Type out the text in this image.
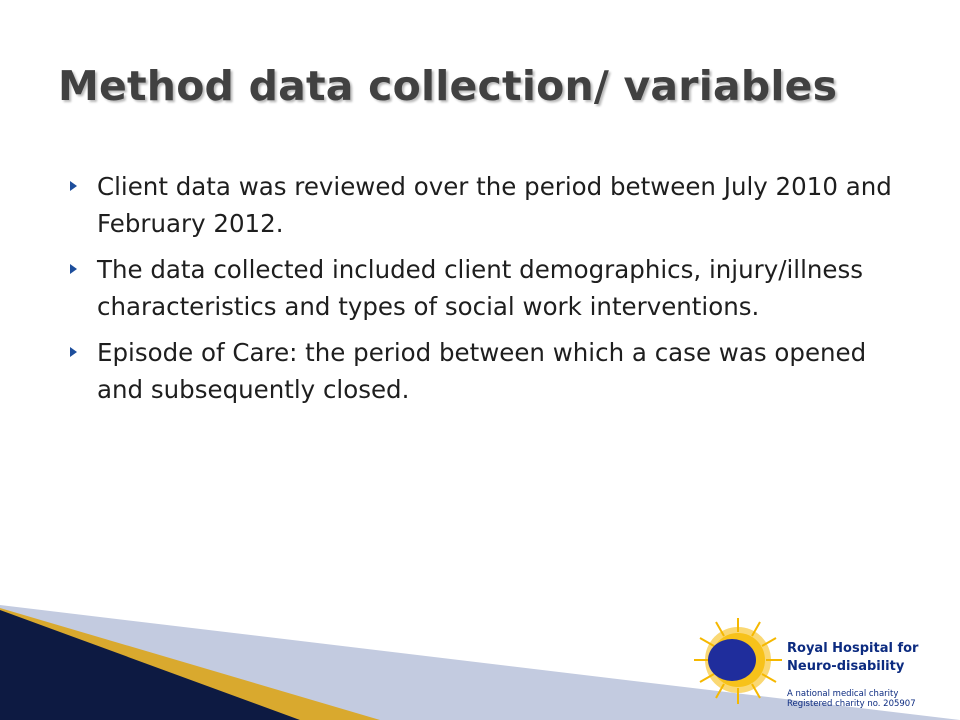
Method data collection/ variables
Client data was reviewed over the period between July 2010 and February 2012.
The data collected included client demographics, injury/illness characteristics and types of social work interventions.
Episode of Care: the period between which a case was opened and subsequently closed.
Royal Hospital for
Neuro-disability
A national medical charity
Registered charity no. 205907
